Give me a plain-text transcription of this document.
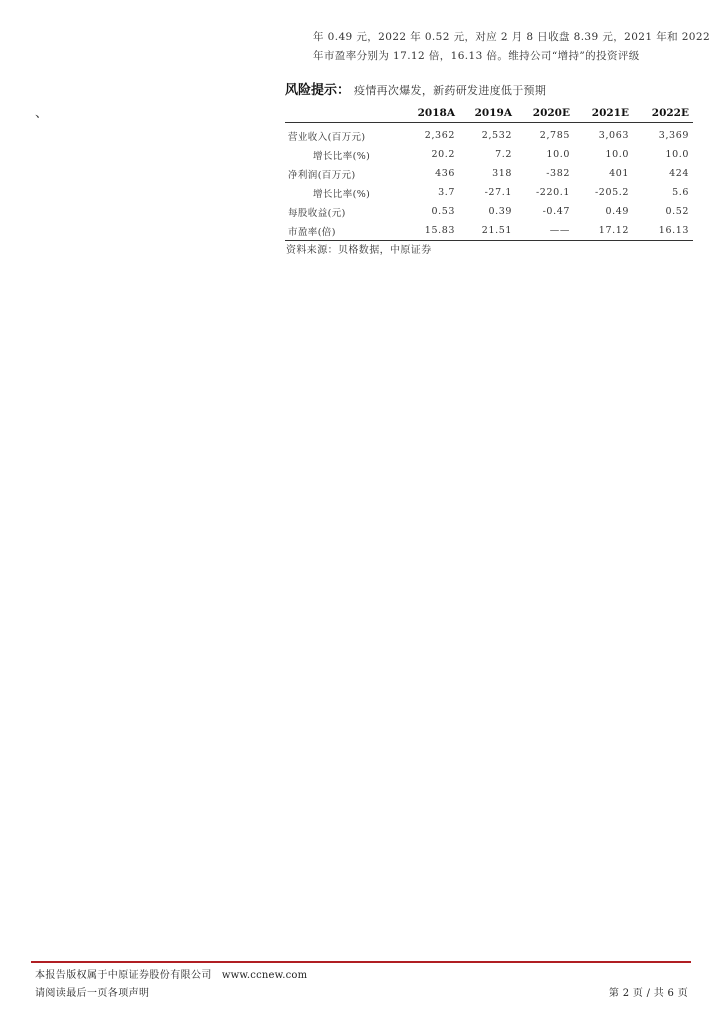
年 0.49 元，2022 年 0.52 元，对应 2 月 8 日收盘 8.39 元，2021 年和 2022
年市盈率分别为 17.12 倍，16.13 倍。维持公司“增持”的投资评级
、
风险提示： 疫情再次爆发，新药研发进度低于预期
	2018A	2019A	2020E	2021E	2022E
营业收入(百万元)	2,362	2,532	2,785	3,063	3,369
增长比率(%)	20.2	7.2	10.0	10.0	10.0
净利润(百万元)	436	318	-382	401	424
增长比率(%)	3.7	-27.1	-220.1	-205.2	5.6
每股收益(元)	0.53	0.39	-0.47	0.49	0.52
市盈率(倍)	15.83	21.51	——	17.12	16.13
资料来源：贝格数据，中原证券
本报告版权属于中原证券股份有限公司 www.ccnew.com
请阅读最后一页各项声明	第 2 页 / 共 6 页
